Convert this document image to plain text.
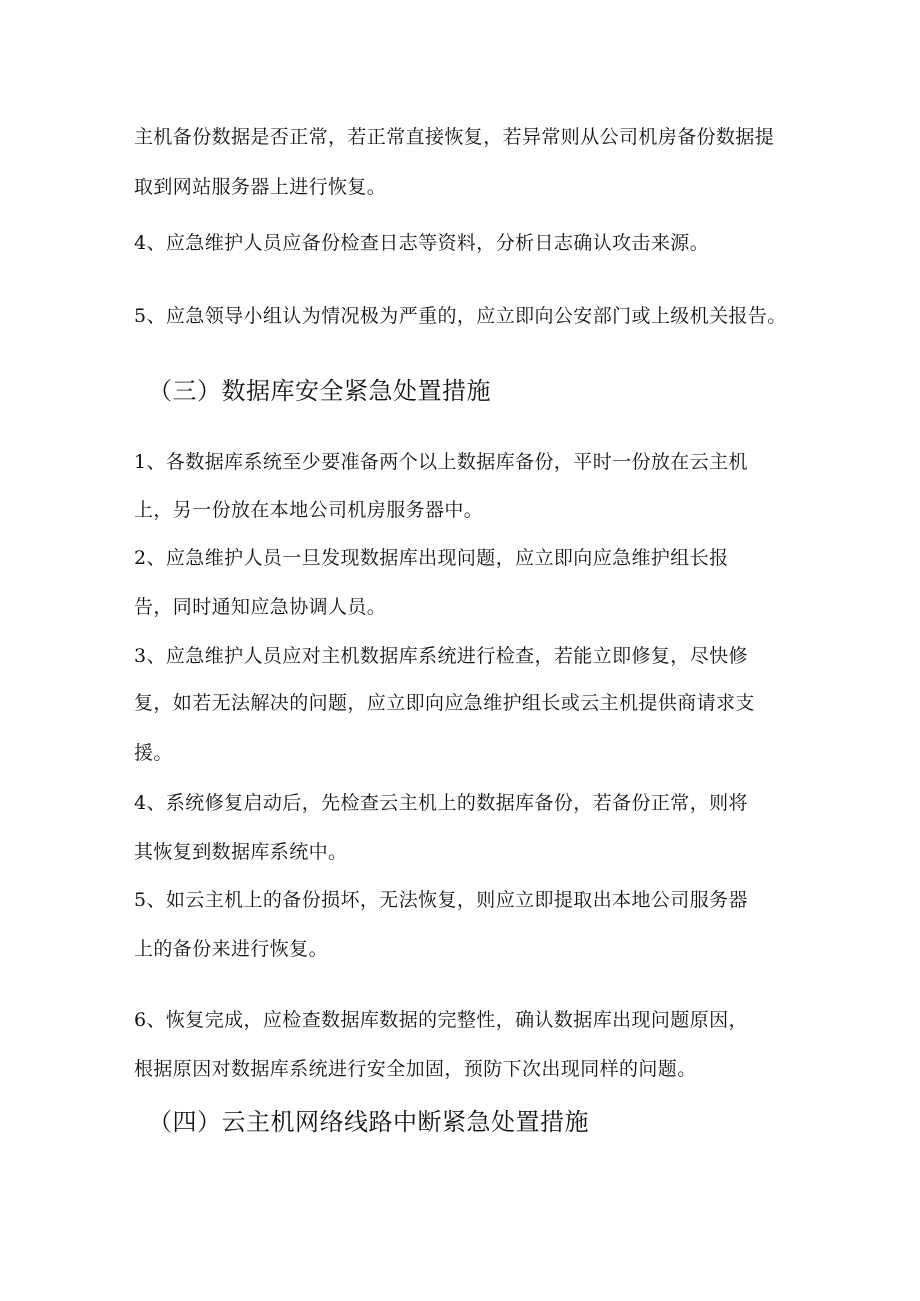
主机备份数据是否正常，若正常直接恢复，若异常则从公司机房备份数据提
取到网站服务器上进行恢复。
4、应急维护人员应备份检查日志等资料，分析日志确认攻击来源。
5、应急领导小组认为情况极为严重的，应立即向公安部门或上级机关报告。
（三）数据库安全紧急处置措施
1、各数据库系统至少要准备两个以上数据库备份，平时一份放在云主机
上，另一份放在本地公司机房服务器中。
2、应急维护人员一旦发现数据库出现问题，应立即向应急维护组长报
告，同时通知应急协调人员。
3、应急维护人员应对主机数据库系统进行检查，若能立即修复，尽快修
复，如若无法解决的问题，应立即向应急维护组长或云主机提供商请求支
援。
4、系统修复启动后，先检查云主机上的数据库备份，若备份正常，则将
其恢复到数据库系统中。
5、如云主机上的备份损坏，无法恢复，则应立即提取出本地公司服务器
上的备份来进行恢复。
6、恢复完成，应检查数据库数据的完整性，确认数据库出现问题原因，
根据原因对数据库系统进行安全加固，预防下次出现同样的问题。
（四）云主机网络线路中断紧急处置措施
